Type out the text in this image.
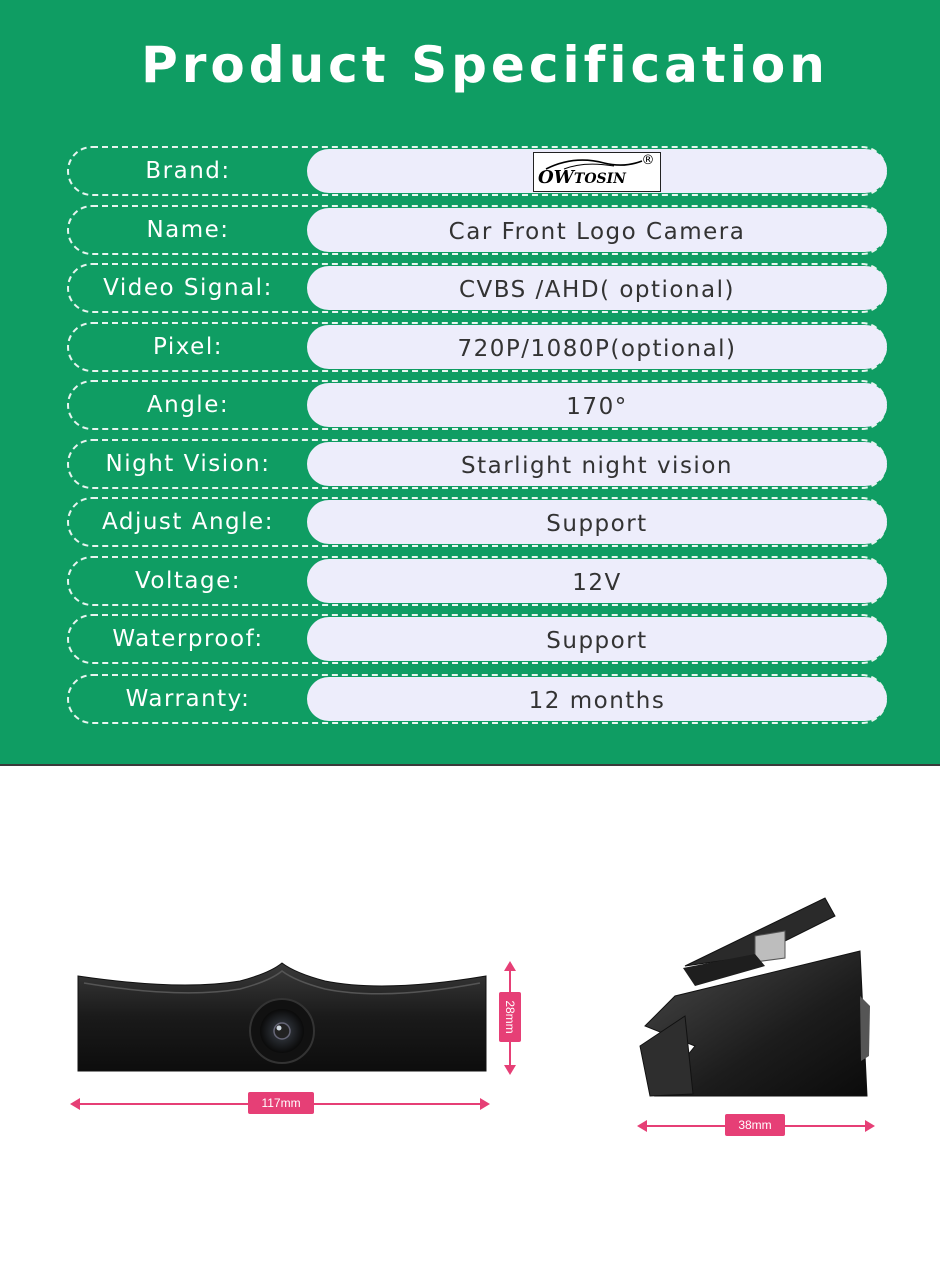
Product Specification
Brand:	OWTOSIN
®
Name:	Car Front Logo Camera
Video Signal:	CVBS /AHD( optional)
Pixel:	720P/1080P(optional)
Angle:	170°
Night Vision:	Starlight night vision
Adjust Angle:	Support
Voltage:	12V
Waterproof:	Support
Warranty:	12 months
28mm
117mm
38mm
